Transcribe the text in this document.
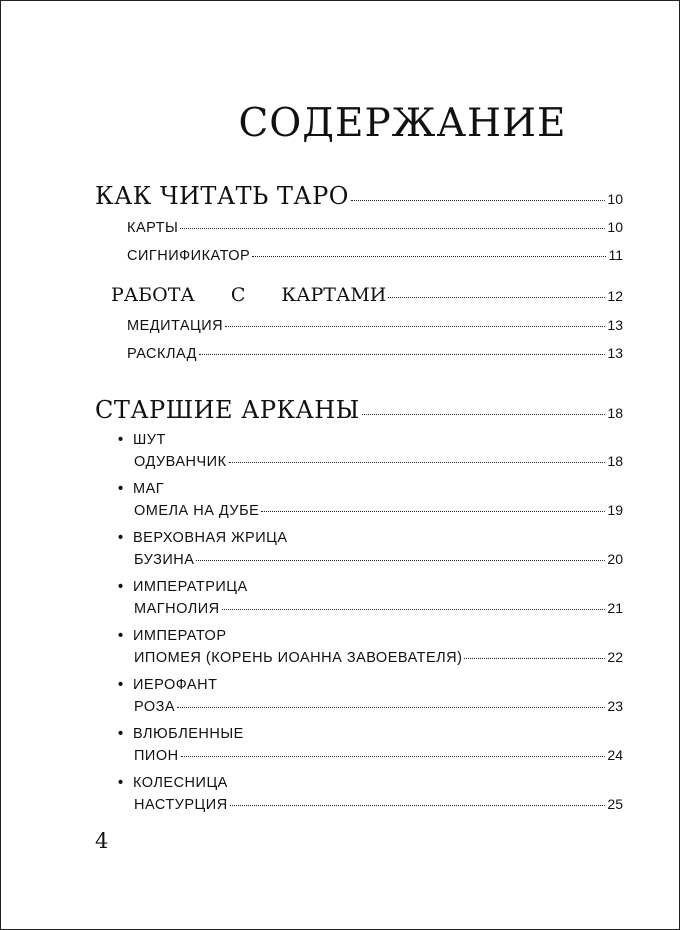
СОДЕРЖАНИЕ
КАК ЧИТАТЬ ТАРО	10
КАРТЫ	10
СИГНИФИКАТОР	11
РАБОТА С КАРТАМИ	12
МЕДИТАЦИЯ	13
РАСКЛАД	13
СТАРШИЕ АРКАНЫ	18
• ШУТ
ОДУВАНЧИК	18
• МАГ
ОМЕЛА НА ДУБЕ	19
• ВЕРХОВНАЯ ЖРИЦА
БУЗИНА	20
• ИМПЕРАТРИЦА
МАГНОЛИЯ	21
• ИМПЕРАТОР
ИПОМЕЯ (КОРЕНЬ ИОАННА ЗАВОЕВАТЕЛЯ)	22
• ИЕРОФАНТ
РОЗА	23
• ВЛЮБЛЕННЫЕ
ПИОН	24
• КОЛЕСНИЦА
НАСТУРЦИЯ	25
4
